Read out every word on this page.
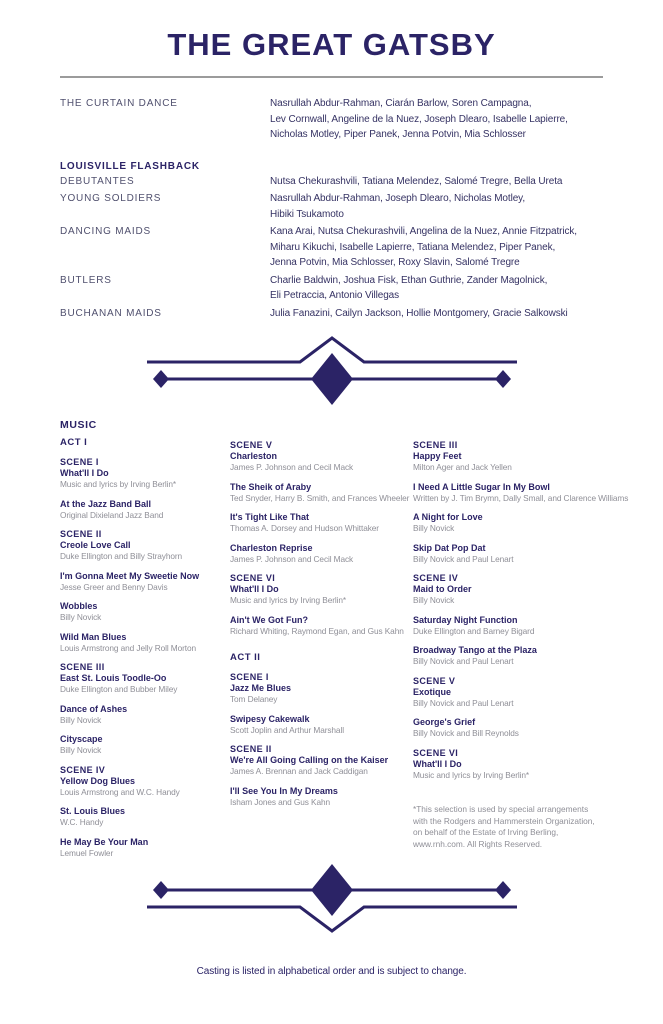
THE GREAT GATSBY
THE CURTAIN DANCE	Nasrullah Abdur-Rahman, Ciarán Barlow, Soren Campagna,
Lev Cornwall, Angeline de la Nuez, Joseph Dlearo, Isabelle Lapierre,
Nicholas Motley, Piper Panek, Jenna Potvin, Mia Schlosser
LOUISVILLE FLASHBACK
DEBUTANTES	Nutsa Chekurashvili, Tatiana Melendez, Salomé Tregre, Bella Ureta
YOUNG SOLDIERS	Nasrullah Abdur-Rahman, Joseph Dlearo, Nicholas Motley,
Hibiki Tsukamoto
DANCING MAIDS	Kana Arai, Nutsa Chekurashvili, Angelina de la Nuez, Annie Fitzpatrick,
Miharu Kikuchi, Isabelle Lapierre, Tatiana Melendez, Piper Panek,
Jenna Potvin, Mia Schlosser, Roxy Slavin, Salomé Tregre
BUTLERS	Charlie Baldwin, Joshua Fisk, Ethan Guthrie, Zander Magolnick,
Eli Petraccia, Antonio Villegas
BUCHANAN MAIDS	Julia Fanazini, Cailyn Jackson, Hollie Montgomery, Gracie Salkowski
MUSIC
ACT I
SCENE I
What'll I Do
Music and lyrics by Irving Berlin*
At the Jazz Band Ball
Original Dixieland Jazz Band
SCENE II
Creole Love Call
Duke Ellington and Billy Strayhorn
I'm Gonna Meet My Sweetie Now
Jesse Greer and Benny Davis
Wobbles
Billy Novick
Wild Man Blues
Louis Armstrong and Jelly Roll Morton
SCENE III
East St. Louis Toodle-Oo
Duke Ellington and Bubber Miley
Dance of Ashes
Billy Novick
Cityscape
Billy Novick
SCENE IV
Yellow Dog Blues
Louis Armstrong and W.C. Handy
St. Louis Blues
W.C. Handy
He May Be Your Man
Lemuel Fowler
SCENE V
Charleston
James P. Johnson and Cecil Mack
The Sheik of Araby
Ted Snyder, Harry B. Smith, and Frances Wheeler
It's Tight Like That
Thomas A. Dorsey and Hudson Whittaker
Charleston Reprise
James P. Johnson and Cecil Mack
SCENE VI
What'll I Do
Music and lyrics by Irving Berlin*
Ain't We Got Fun?
Richard Whiting, Raymond Egan, and Gus Kahn
ACT II
SCENE I
Jazz Me Blues
Tom Delaney
Swipesy Cakewalk
Scott Joplin and Arthur Marshall
SCENE II
We're All Going Calling on the Kaiser
James A. Brennan and Jack Caddigan
I'll See You In My Dreams
Isham Jones and Gus Kahn
SCENE III
Happy Feet
Milton Ager and Jack Yellen
I Need A Little Sugar In My Bowl
Written by J. Tim Brymn, Dally Small, and Clarence Williams
A Night for Love
Billy Novick
Skip Dat Pop Dat
Billy Novick and Paul Lenart
SCENE IV
Maid to Order
Billy Novick
Saturday Night Function
Duke Ellington and Barney Bigard
Broadway Tango at the Plaza
Billy Novick and Paul Lenart
SCENE V
Exotique
Billy Novick and Paul Lenart
George's Grief
Billy Novick and Bill Reynolds
SCENE VI
What'll I Do
Music and lyrics by Irving Berlin*
*This selection is used by special arrangements with the Rodgers and Hammerstein Organization, on behalf of the Estate of Irving Berling, www.rnh.com. All Rights Reserved.
Casting is listed in alphabetical order and is subject to change.
